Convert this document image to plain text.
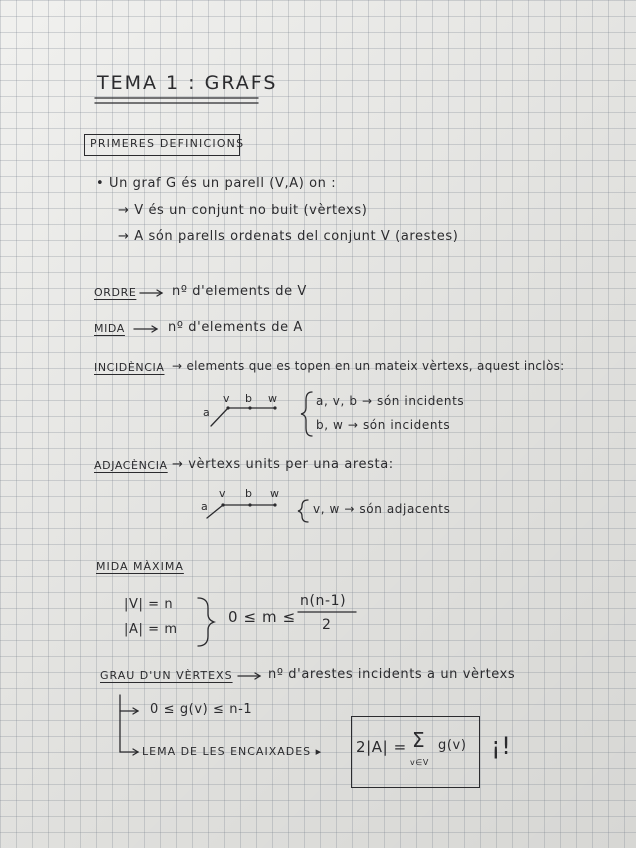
TEMA 1 : GRAFS
PRIMERES DEFINICIONS
• Un graf G és un parell (V,A) on :
→ V és un conjunt no buit (vèrtexs)
→ A són parells ordenats del conjunt V (arestes)
ORDRE	nº d'elements de V
MIDA	nº d'elements de A
INCIDÈNCIA → elements que es topen en un mateix vèrtexs, aquest inclòs:
a
v b w	a, v, b → són incidents
b, w → són incidents
ADJACÈNCIA → vèrtexs units per una aresta:
a
v b w
v, w → són adjacents
MIDA MÀXIMA
|V| = n
|A| = m
0 ≤ m ≤
n(n-1)
2
GRAU D'UN VÈRTEXS	nº d'arestes incidents a un vèrtexs
0 ≤ g(v) ≤ n-1
LEMA DE LES ENCAIXADES ▸ 2|A| = Σ
v∈V
g(v) ¡!
